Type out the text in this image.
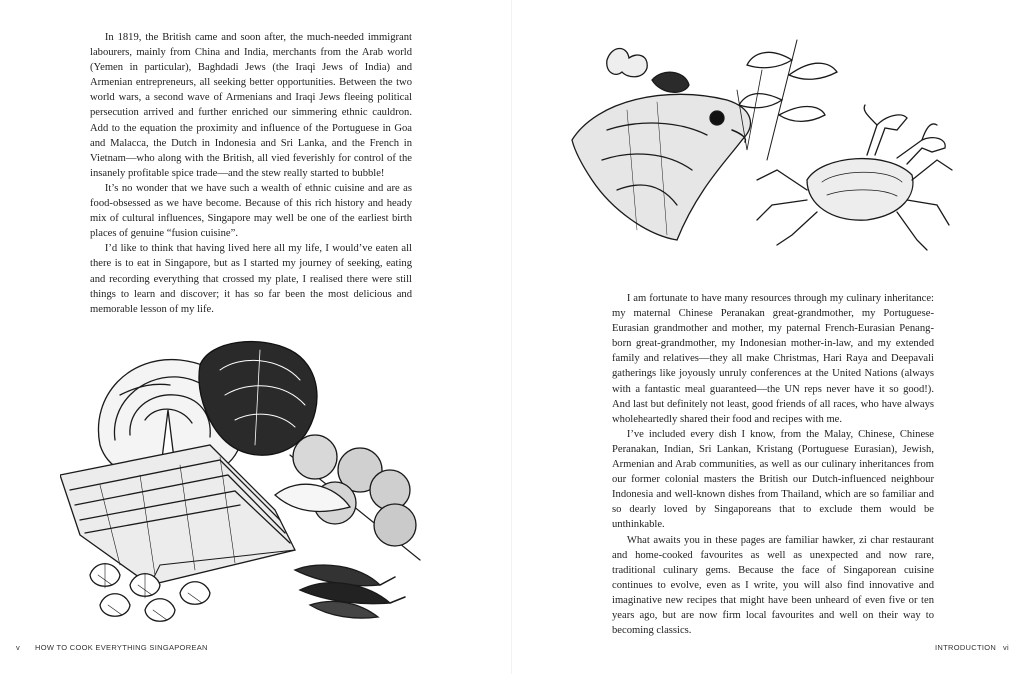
In 1819, the British came and soon after, the much-needed immigrant labourers, mainly from China and India, merchants from the Arab world (Yemen in particular), Baghdadi Jews (the Iraqi Jews of India) and Armenian entrepreneurs, all seeking better opportunities. Between the two world wars, a second wave of Armenians and Iraqi Jews fleeing political persecution arrived and further enriched our simmering ethnic cauldron. Add to the equation the proximity and influence of the Portuguese in Goa and Malacca, the Dutch in Indonesia and Sri Lanka, and the French in Vietnam—who along with the British, all vied feverishly for control of the insanely profitable spice trade—and the stew really started to bubble!

It’s no wonder that we have such a wealth of ethnic cuisine and are as food-obsessed as we have become. Because of this rich history and heady mix of cultural influences, Singapore may well be one of the earliest birth places of genuine “fusion cuisine”.

I’d like to think that having lived here all my life, I would’ve eaten all there is to eat in Singapore, but as I started my journey of seeking, eating and recording everything that crossed my plate, I realised there were still things to learn and discover; it has so far been the most delicious and memorable lesson of my life.

v HOW TO COOK EVERYTHING SINGAPOREAN

I am fortunate to have many resources through my culinary inheritance: my maternal Chinese Peranakan great-grandmother, my Portuguese-Eurasian grandmother and mother, my paternal French-Eurasian Penang-born great-grandmother, my Indonesian mother-in-law, and my extended family and relatives—they all make Christmas, Hari Raya and Deepavali gatherings like joyously unruly conferences at the United Nations (always with a fantastic meal guaranteed—the UN reps never have it so good!). And last but definitely not least, good friends of all races, who have always wholeheartedly shared their food and recipes with me.

I’ve included every dish I know, from the Malay, Chinese, Chinese Peranakan, Indian, Sri Lankan, Kristang (Portuguese Eurasian), Jewish, Armenian and Arab communities, as well as our culinary inheritances from our former colonial masters the British our Dutch-influenced neighbour Indonesia and well-known dishes from Thailand, which are so familiar and so dearly loved by Singaporeans that to exclude them would be unthinkable.

What awaits you in these pages are familiar hawker, zi char restaurant and home-cooked favourites as well as unexpected and now rare, traditional culinary gems. Because the face of Singaporean cuisine continues to evolve, even as I write, you will also find innovative and imaginative new recipes that might have been unheard of even five or ten years ago, but are now firm local favourites and well on their way to becoming classics.

INTRODUCTION vi
